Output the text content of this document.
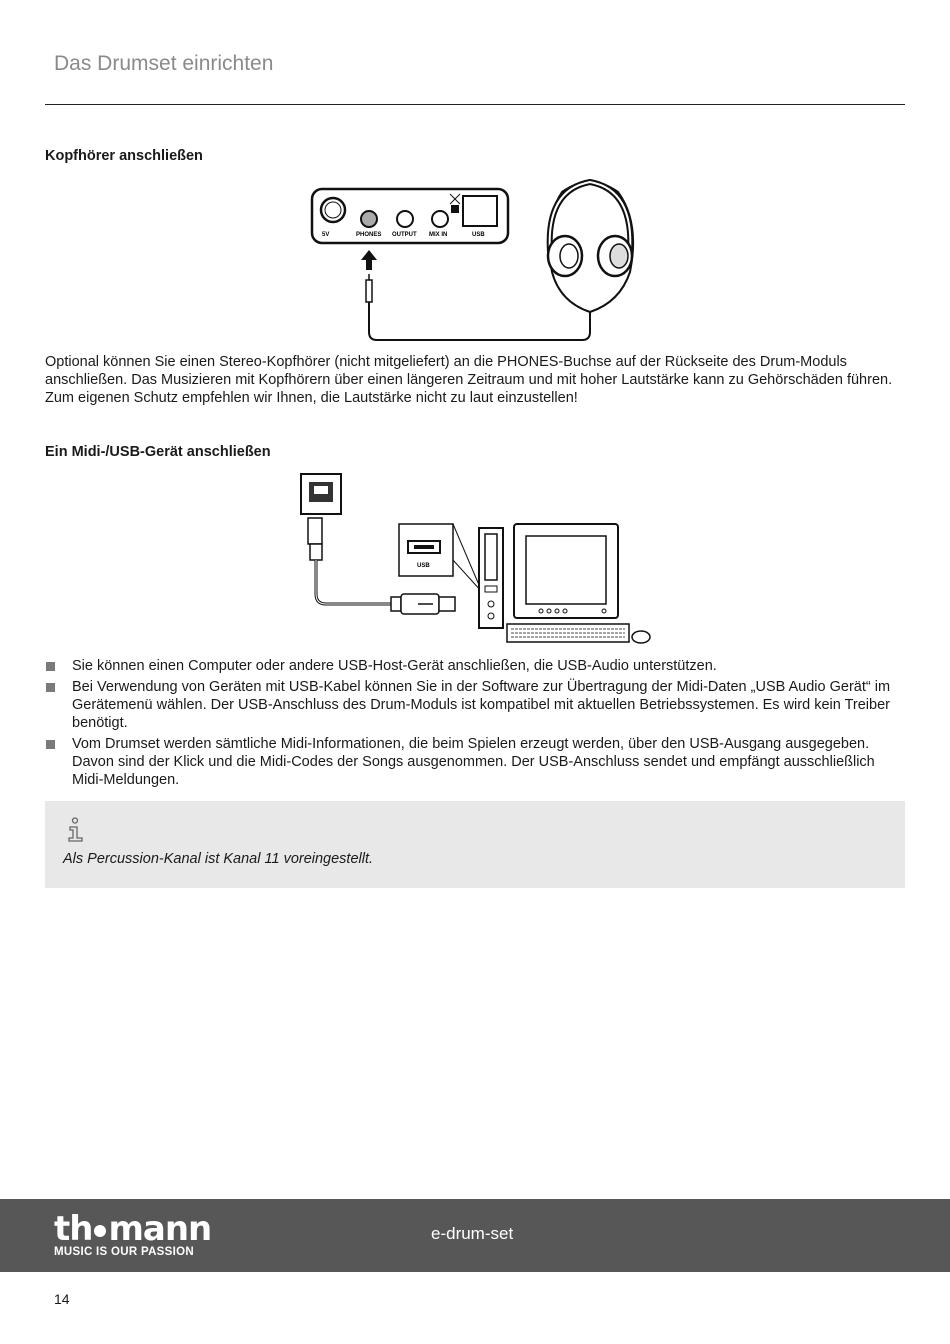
Das Drumset einrichten
Kopfhörer anschließen
5V	PHONES OUTPUT MIX IN	USB

Optional können Sie einen Stereo-Kopfhörer (nicht mitgeliefert) an die PHONES-Buchse auf der Rückseite des Drum-Moduls anschließen. Das Musizieren mit Kopfhörern über einen längeren Zeitraum und mit hoher Lautstärke kann zu Gehörschäden führen. Zum eigenen Schutz empfehlen wir Ihnen, die Lautstärke nicht zu laut einzustellen!

Ein Midi-/USB-Gerät anschließen
USB
Sie können einen Computer oder andere USB-Host-Gerät anschließen, die USB-Audio unterstützen.
Bei Verwendung von Geräten mit USB-Kabel können Sie in der Software zur Übertragung der Midi-Daten „USB Audio Gerät“ im Gerätemenü wählen. Der USB-Anschluss des Drum-Moduls ist kompatibel mit aktuellen Betriebssystemen. Es wird kein Treiber benötigt.
Vom Drumset werden sämtliche Midi-Informationen, die beim Spielen erzeugt werden, über den USB-Ausgang ausgegeben. Davon sind der Klick und die Midi-Codes der Songs ausgenommen. Der USB-Anschluss sendet und empfängt ausschließlich Midi-Meldungen.
Als Percussion-Kanal ist Kanal 11 voreingestellt.
th mann
MUSIC IS OUR PASSION
e-drum-set
14
